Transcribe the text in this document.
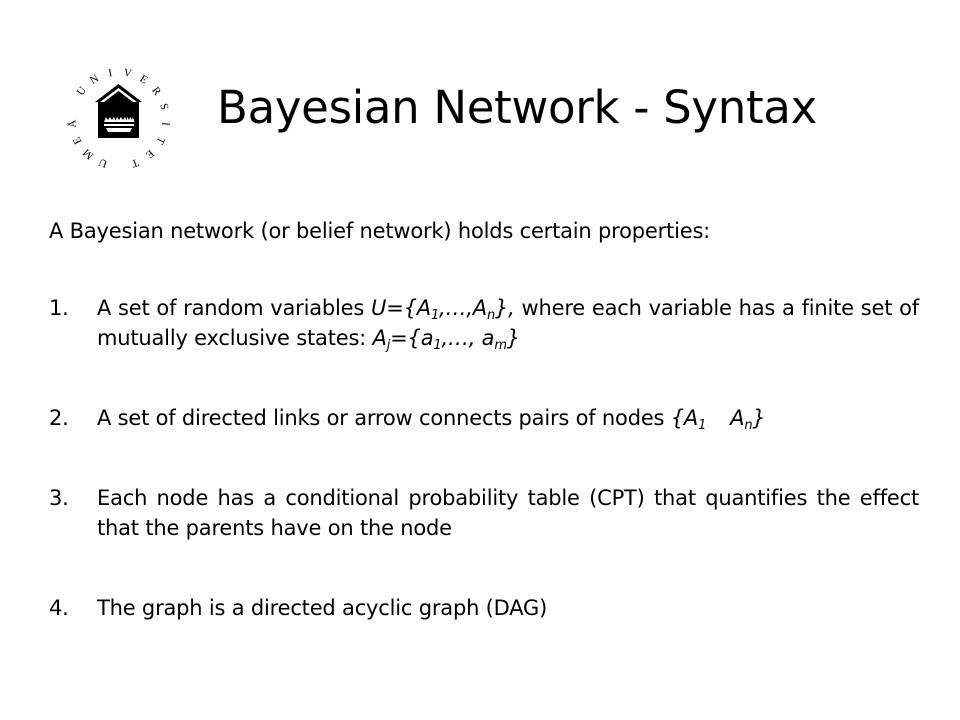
U
M
E
Å
U
N I V E
R
S
I
T
E
T
Bayesian Network - Syntax
A Bayesian network (or belief network) holds certain properties:
1.	A set of random variables $U=\{A_1,\dots,A_n\}$, where each variable has a finite set of mutually exclusive states: $A_j=\{a_1,\dots$, $a_m$}
2.	A set of directed links or arrow connects pairs of nodes {$A_1$ $A_n$}
3.	Each node has a conditional probability table (CPT) that quantifies the effect that the parents have on the node
4.	The graph is a directed acyclic graph (DAG)
